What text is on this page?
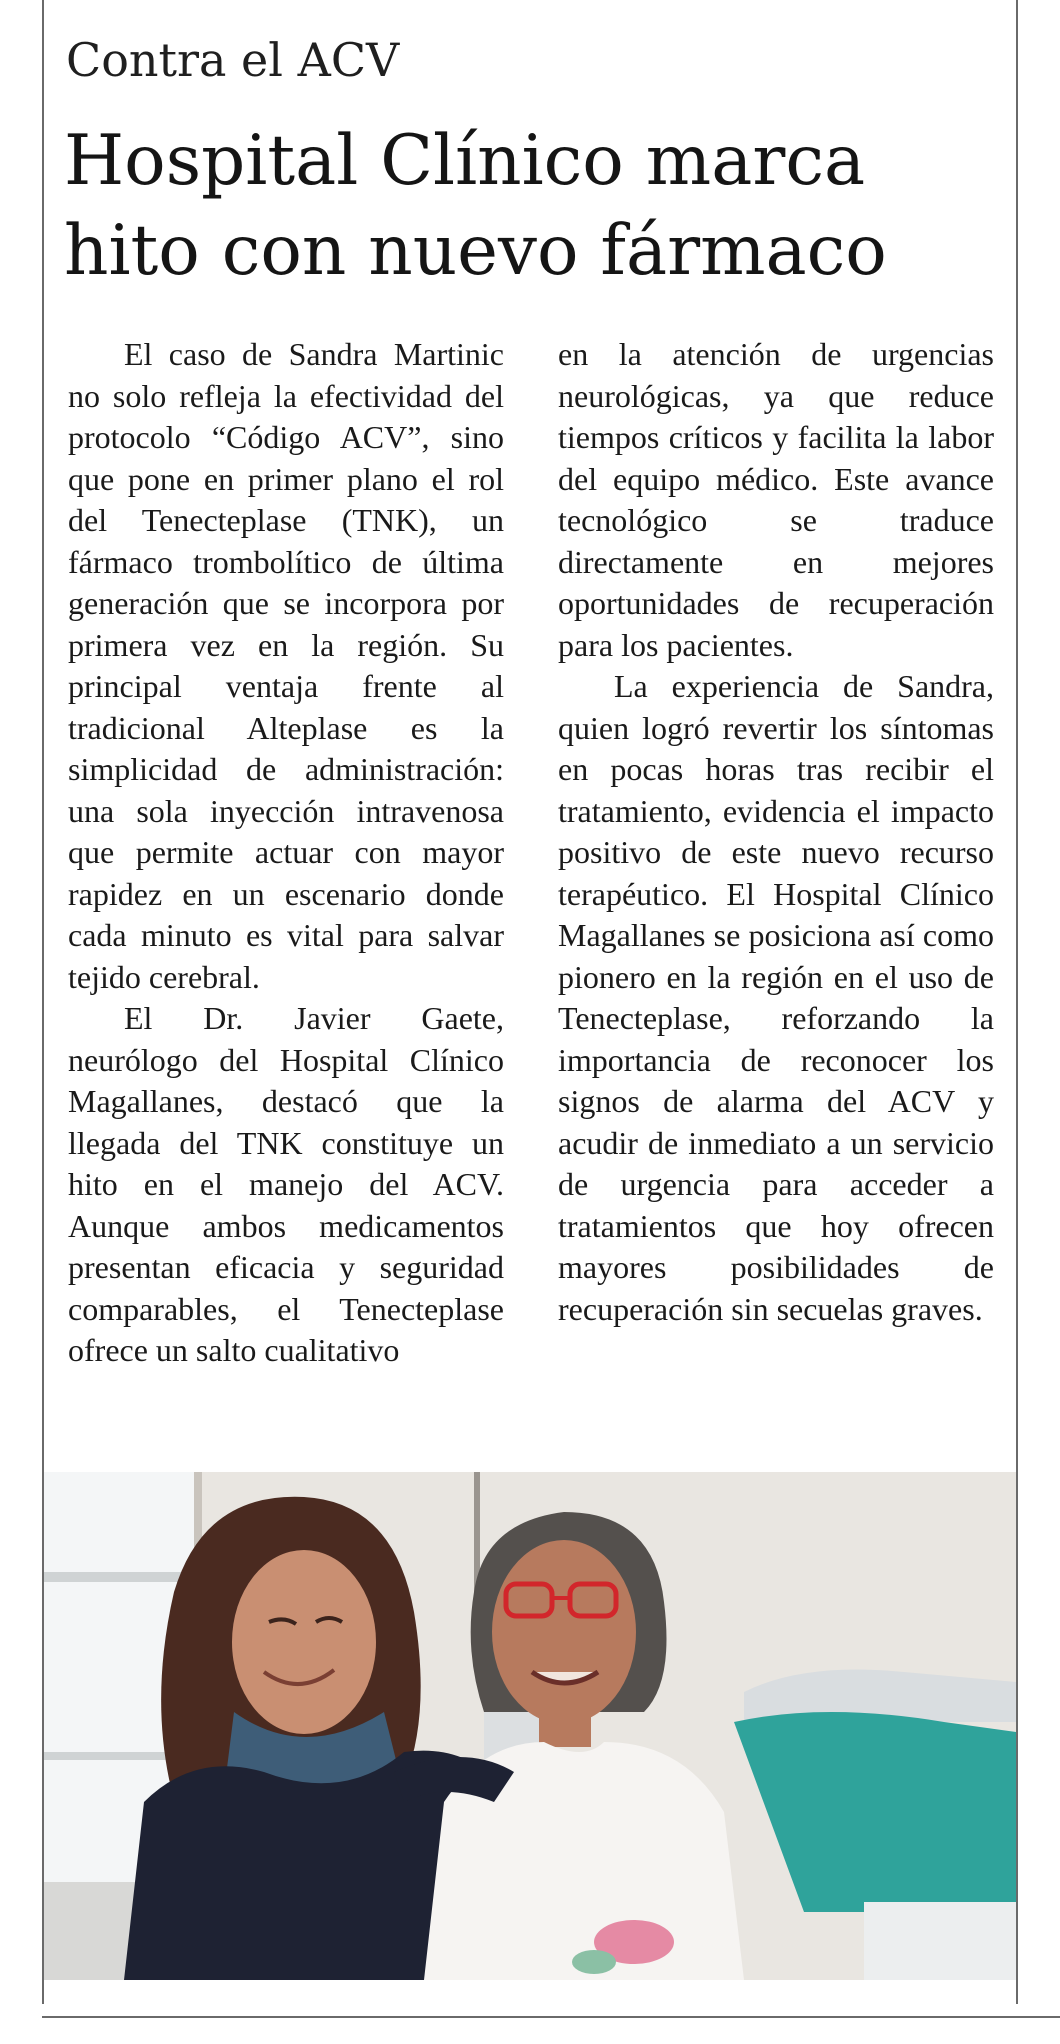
Contra el ACV
Hospital Clínico marca
hito con nuevo fármaco

El caso de Sandra Martinic no solo refleja la efectividad del protocolo “Código ACV”, sino que pone en primer plano el rol del Tenecteplase (TNK), un fármaco trombolítico de última generación que se incorpora por primera vez en la región. Su principal ventaja frente al tradicional Alteplase es la simplicidad de administración: una sola inyección intravenosa que permite actuar con mayor rapidez en un escenario donde cada minuto es vital para salvar tejido cerebral.

El Dr. Javier Gaete, neurólogo del Hospital Clínico Magallanes, destacó que la llegada del TNK constituye un hito en el manejo del ACV. Aunque ambos medicamentos presentan eficacia y seguridad comparables, el Tenecteplase ofrece un salto cualitativo

en la atención de urgencias neurológicas, ya que reduce tiempos críticos y facilita la labor del equipo médico. Este avance tecnológico se traduce directamente en mejores oportunidades de recuperación para los pacientes.

La experiencia de Sandra, quien logró revertir los síntomas en pocas horas tras recibir el tratamiento, evidencia el impacto positivo de este nuevo recurso terapéutico. El Hospital Clínico Magallanes se posiciona así como pionero en la región en el uso de Tenecteplase, reforzando la importancia de reconocer los signos de alarma del ACV y acudir de inmediato a un servicio de urgencia para acceder a tratamientos que hoy ofrecen mayores posibilidades de recuperación sin secuelas graves.
